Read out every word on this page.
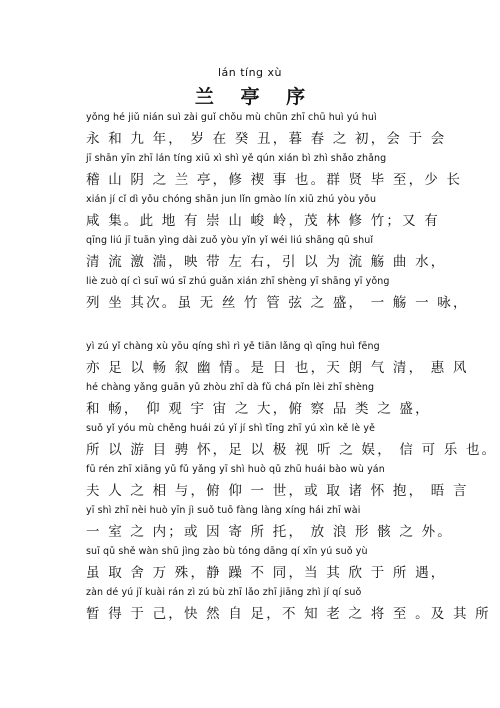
lán tíng xù
兰 亭 序
yǒng hé jiǔ nián suì zài guǐ chǒu mù chūn zhī chū huì yú huì
永 和 九 年， 岁 在 癸 丑，暮 春 之 初，会 于 会
jī shān yīn zhī lán tíng xiū xì shì yě qún xián bì zhì shǎo zhǎng
稽 山 阴 之 兰 亭，修 禊 事 也。群 贤 毕 至，少 长
xián jí cǐ dì yǒu chóng shān jun lǐn gmào lín xiū zhú yòu yǒu
咸 集。此 地 有 崇 山 峻 岭，茂 林 修 竹；又 有
qīng liú jī tuān yìng dài zuǒ yòu yǐn yǐ wéi liú shāng qū shuǐ
清 流 激 湍，映 带 左 右，引 以 为 流 觞 曲 水，
liè zuò qí cì suī wú sī zhú guǎn xián zhī shèng yī shāng yī yǒng
列 坐 其次。虽 无 丝 竹 管 弦 之 盛， 一 觞 一 咏，
yì zú yǐ chàng xù yōu qíng shì rì yě tiān lǎng qì qīng huì fēng
亦 足 以 畅 叙 幽 情。是 日 也，天 朗 气 清， 惠 风
hé chàng yǎng guān yǔ zhòu zhī dà fǔ chá pǐn lèi zhī shèng
和 畅， 仰 观 宇 宙 之 大，俯 察 品 类 之 盛，
suǒ yǐ yóu mù chěng huái zú yǐ jí shì tīng zhī yú xìn kě lè yě
所 以 游 目 骋 怀，足 以 极 视 听 之 娱， 信 可 乐 也。
fū rén zhī xiāng yǔ fǔ yǎng yī shì huò qǔ zhū huái bào wù yán
夫 人 之 相 与，俯 仰 一 世，或 取 诸 怀 抱， 晤 言
yī shì zhī nèi huò yīn jì suǒ tuō fàng làng xíng hái zhī wài
一 室 之 内；或 因 寄 所 托， 放 浪 形 骸 之 外。
suī qǔ shě wàn shū jìng zào bù tóng dāng qí xīn yú suǒ yù
虽 取 舍 万 殊，静 躁 不 同，当 其 欣 于 所 遇，
zàn dé yú jǐ kuài rán zì zú bù zhī lǎo zhī jiāng zhì jí qí suǒ
暂 得 于 己，快 然 自 足，不 知 老 之 将 至 。及 其 所
